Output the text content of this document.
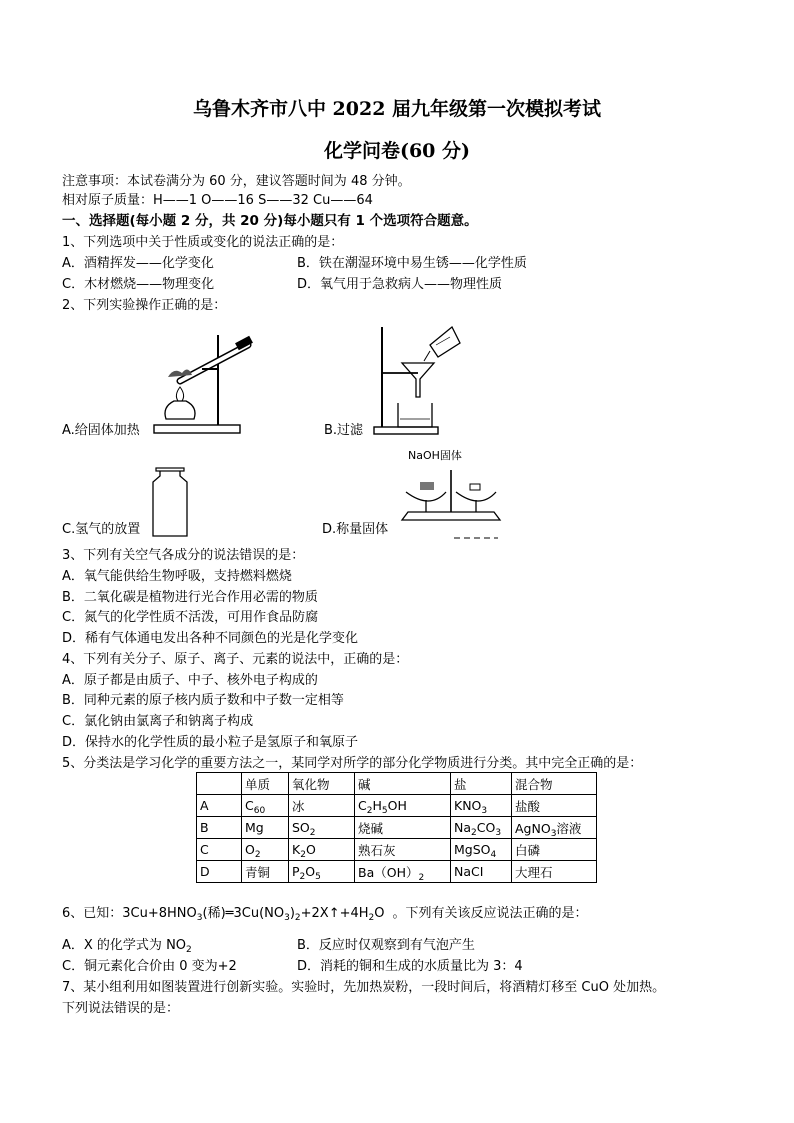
乌鲁木齐市八中 2022 届九年级第一次模拟考试
化学问卷(60 分)
注意事项：本试卷满分为 60 分，建议答题时间为 48 分钟。
相对原子质量：H——1 O——16 S——32 Cu——64
一、选择题(每小题 2 分，共 20 分)每小题只有 1 个选项符合题意。
1、下列选项中关于性质或变化的说法正确的是：
A．酒精挥发——化学变化	B．铁在潮湿环境中易生锈——化学性质
C．木材燃烧——物理变化	D．氧气用于急救病人——物理性质
2、下列实验操作正确的是：
A.给固体加热	B.过滤
C.氢气的放置
NaOH固体
D.称量固体
3、下列有关空气各成分的说法错误的是：
A．氧气能供给生物呼吸，支持燃料燃烧
B．二氧化碳是植物进行光合作用必需的物质
C．氮气的化学性质不活泼，可用作食品防腐
D．稀有气体通电发出各种不同颜色的光是化学变化
4、下列有关分子、原子、离子、元素的说法中，正确的是：
A．原子都是由质子、中子、核外电子构成的
B．同种元素的原子核内质子数和中子数一定相等
C．氯化钠由氯离子和钠离子构成
D．保持水的化学性质的最小粒子是氢原子和氧原子
5、分类法是学习化学的重要方法之一，某同学对所学的部分化学物质进行分类。其中完全正确的是：
	单质	氧化物	碱	盐	混合物
A	$C_{60}$	冰	$C_2H_5OH$	$KNO_3$	盐酸
B	Mg	$SO_2$	烧碱	$Na_2CO_3$	AgNO$_3$溶液
C	$O_2$	$K_2O$	熟石灰	MgSO$_4$	白磷
D	青铜	$P_2O_5$	$Ba(OH)_2$	NaCI	大理石
6、已知：$3Cu+8HNO_3$(稀)$═3Cu(NO_3)_2+2X↑+4H_2O$ 。下列有关该反应说法正确的是：
A．X 的化学式为 $NO_2$	B．反应时仅观察到有气泡产生
C．铜元素化合价由 0 变为+2	D．消耗的铜和生成的水质量比为 3：4
7、某小组利用如图装置进行创新实验。实验时，先加热炭粉，一段时间后，将酒精灯移至 CuO 处加热。
下列说法错误的是：
